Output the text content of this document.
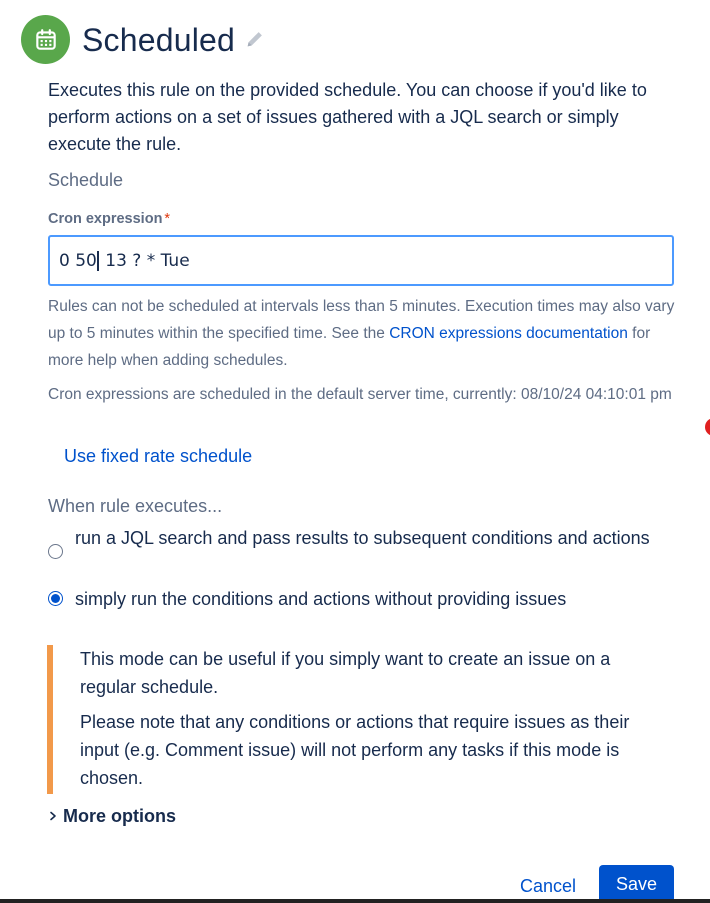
Scheduled
Executes this rule on the provided schedule. You can choose if you'd like to perform actions on a set of issues gathered with a JQL search or simply execute the rule.
Schedule
Cron expression *
0 50 13 ? * Tue
Rules can not be scheduled at intervals less than 5 minutes. Execution times may also vary up to 5 minutes within the specified time. See the CRON expressions documentation for more help when adding schedules.
Cron expressions are scheduled in the default server time, currently: 08/10/24 04:10:01 pm
Use fixed rate schedule
When rule executes...
run a JQL search and pass results to subsequent conditions and actions
simply run the conditions and actions without providing issues
This mode can be useful if you simply want to create an issue on a regular schedule.
Please note that any conditions or actions that require issues as their input (e.g. Comment issue) will not perform any tasks if this mode is chosen.
More options
Cancel	Save
